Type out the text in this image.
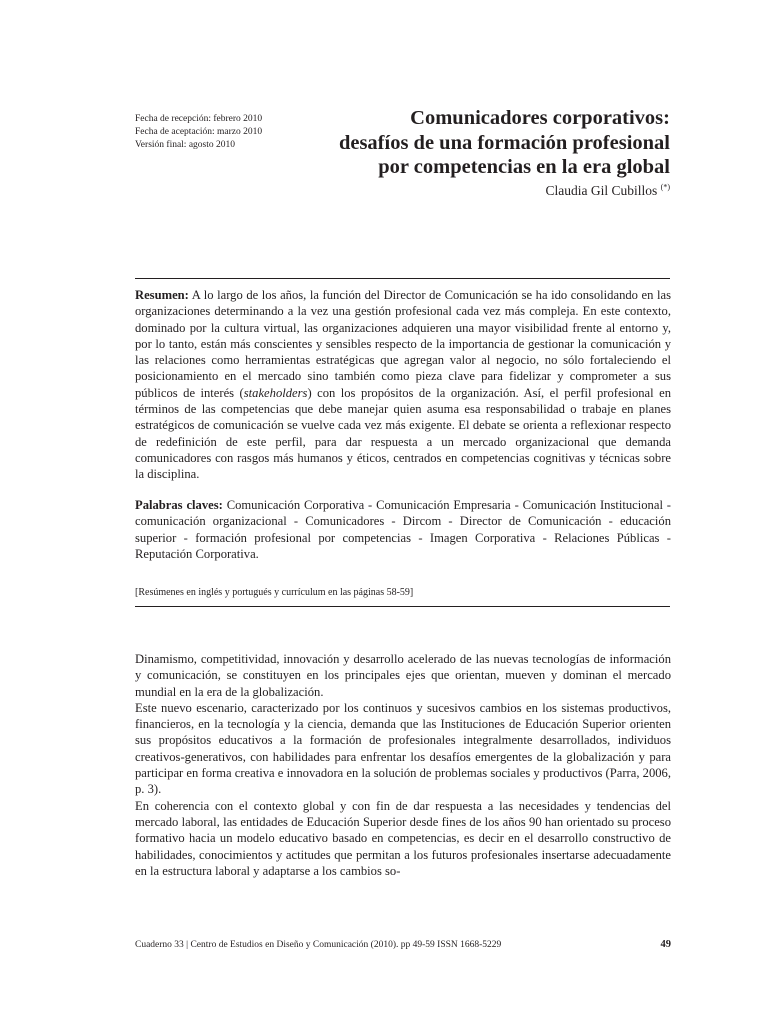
Fecha de recepción: febrero 2010
Fecha de aceptación: marzo 2010
Versión final: agosto 2010
Comunicadores corporativos:
desafíos de una formación profesional
por competencias en la era global
Claudia Gil Cubillos (*)

Resumen: A lo largo de los años, la función del Director de Comunicación se ha ido consolidando en las organizaciones determinando a la vez una gestión profesional cada vez más compleja. En este contexto, dominado por la cultura virtual, las organizaciones adquieren una mayor visibilidad frente al entorno y, por lo tanto, están más conscientes y sensibles respecto de la importancia de gestionar la comunicación y las relaciones como herramientas estratégicas que agregan valor al negocio, no sólo fortaleciendo el posicionamiento en el mercado sino también como pieza clave para fidelizar y comprometer a sus públicos de interés (stakeholders) con los propósitos de la organización. Así, el perfil profesional en términos de las competencias que debe manejar quien asuma esa responsabilidad o trabaje en planes estratégicos de comunicación se vuelve cada vez más exigente. El debate se orienta a reflexionar respecto de redefinición de este perfil, para dar respuesta a un mercado organizacional que demanda comunicadores con rasgos más humanos y éticos, centrados en competencias cognitivas y técnicas sobre la disciplina.

Palabras claves: Comunicación Corporativa - Comunicación Empresaria - Comunicación Institucional - comunicación organizacional - Comunicadores - Dircom - Director de Comunicación - educación superior - formación profesional por competencias - Imagen Corporativa - Relaciones Públicas - Reputación Corporativa.

[Resúmenes en inglés y portugués y currículum en las páginas 58-59]

Dinamismo, competitividad, innovación y desarrollo acelerado de las nuevas tecnologías de información y comunicación, se constituyen en los principales ejes que orientan, mueven y dominan el mercado mundial en la era de la globalización.

Este nuevo escenario, caracterizado por los continuos y sucesivos cambios en los sistemas productivos, financieros, en la tecnología y la ciencia, demanda que las Instituciones de Educación Superior orienten sus propósitos educativos a la formación de profesionales integralmente desarrollados, individuos creativos-generativos, con habilidades para enfrentar los desafíos emergentes de la globalización y para participar en forma creativa e innovadora en la solución de problemas sociales y productivos (Parra, 2006, p. 3).

En coherencia con el contexto global y con fin de dar respuesta a las necesidades y tendencias del mercado laboral, las entidades de Educación Superior desde fines de los años 90 han orientado su proceso formativo hacia un modelo educativo basado en competencias, es decir en el desarrollo constructivo de habilidades, conocimientos y actitudes que permitan a los futuros profesionales insertarse adecuadamente en la estructura laboral y adaptarse a los cambios so-

Cuaderno 33 | Centro de Estudios en Diseño y Comunicación (2010). pp 49-59 ISSN 1668-5229	49
